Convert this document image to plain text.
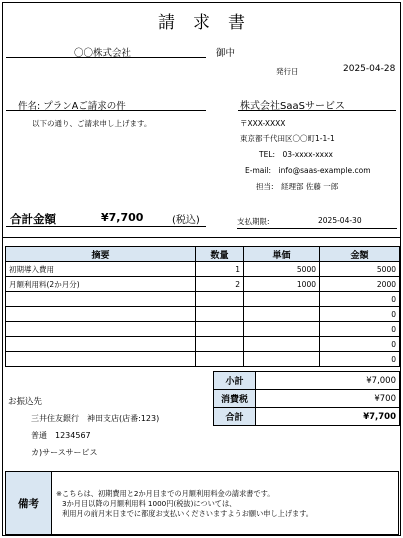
請求書
〇〇株式会社	御中
発行日	2025-04-28
件名: プランAご請求の件
以下の通り、ご請求申し上げます。
株式会社SaaSサービス
〒XXX-XXXX
東京都千代田区〇〇町1-1-1
TEL:　03-xxxx-xxxx
E-mail:　info@saas-example.com
担当:　経理部 佐藤 一郎
合計金額	¥7,700	(税込)	支払期限:	2025-04-30
摘要	数量	単価	金額
初期導入費用	1	5000	5000
月額利用料(2か月分)	2	1000	2000
			0
			0
			0
			0
			0
小計	¥7,000
消費税	¥700
合計	¥7,700
お振込先
三井住友銀行　神田支店(店番:123)
普通　1234567
カ)サースサービス
備考
※こちらは、初期費用と2か月目までの月額利用料金の請求書です。
3か月目以降の月額利用料 1000円(税抜)については、
利用月の前月末日までに都度お支払いくださいますようお願い申し上げます。
